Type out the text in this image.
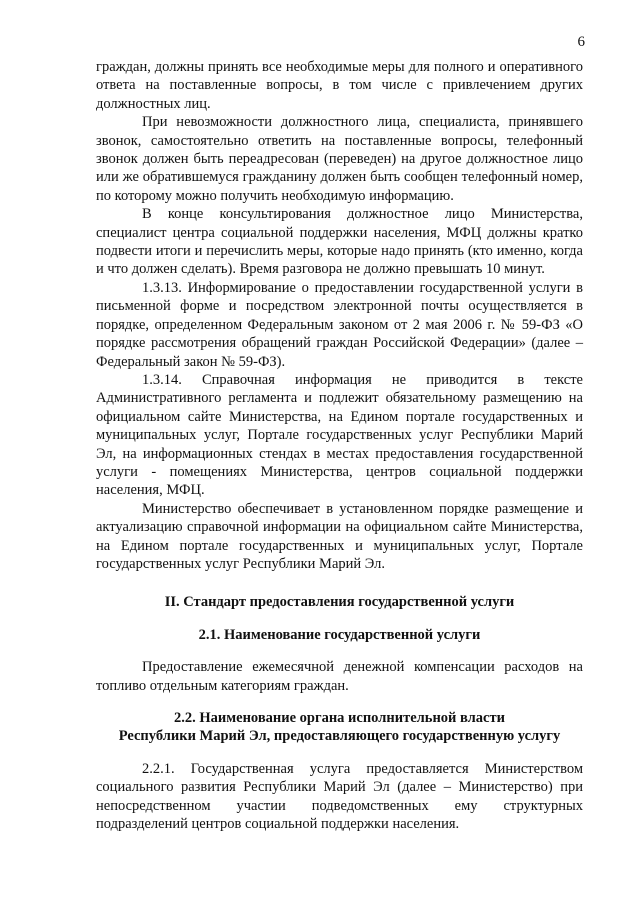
6

граждан, должны принять все необходимые меры для полного и оперативного ответа на поставленные вопросы, в том числе с привлечением других должностных лиц.

При невозможности должностного лица, специалиста, принявшего звонок, самостоятельно ответить на поставленные вопросы, телефонный звонок должен быть переадресован (переведен) на другое должностное лицо или же обратившемуся гражданину должен быть сообщен телефонный номер, по которому можно получить необходимую информацию.

В конце консультирования должностное лицо Министерства, специалист центра социальной поддержки населения, МФЦ должны кратко подвести итоги и перечислить меры, которые надо принять (кто именно, когда и что должен сделать). Время разговора не должно превышать 10 минут.

1.3.13. Информирование о предоставлении государственной услуги в письменной форме и посредством электронной почты осуществляется в порядке, определенном Федеральным законом от 2 мая 2006 г. № 59-ФЗ «О порядке рассмотрения обращений граждан Российской Федерации» (далее – Федеральный закон № 59-ФЗ).

1.3.14. Справочная информация не приводится в тексте Административного регламента и подлежит обязательному размещению на официальном сайте Министерства, на Едином портале государственных и муниципальных услуг, Портале государственных услуг Республики Марий Эл, на информационных стендах в местах предоставления государственной услуги - помещениях Министерства, центров социальной поддержки населения, МФЦ.

Министерство обеспечивает в установленном порядке размещение и актуализацию справочной информации на официальном сайте Министерства, на Едином портале государственных и муниципальных услуг, Портале государственных услуг Республики Марий Эл.

II. Стандарт предоставления государственной услуги

2.1. Наименование государственной услуги

Предоставление ежемесячной денежной компенсации расходов на топливо отдельным категориям граждан.

2.2. Наименование органа исполнительной власти

Республики Марий Эл, предоставляющего государственную услугу

2.2.1. Государственная услуга предоставляется Министерством социального развития Республики Марий Эл (далее – Министерство) при непосредственном участии подведомственных ему структурных подразделений центров социальной поддержки населения.
